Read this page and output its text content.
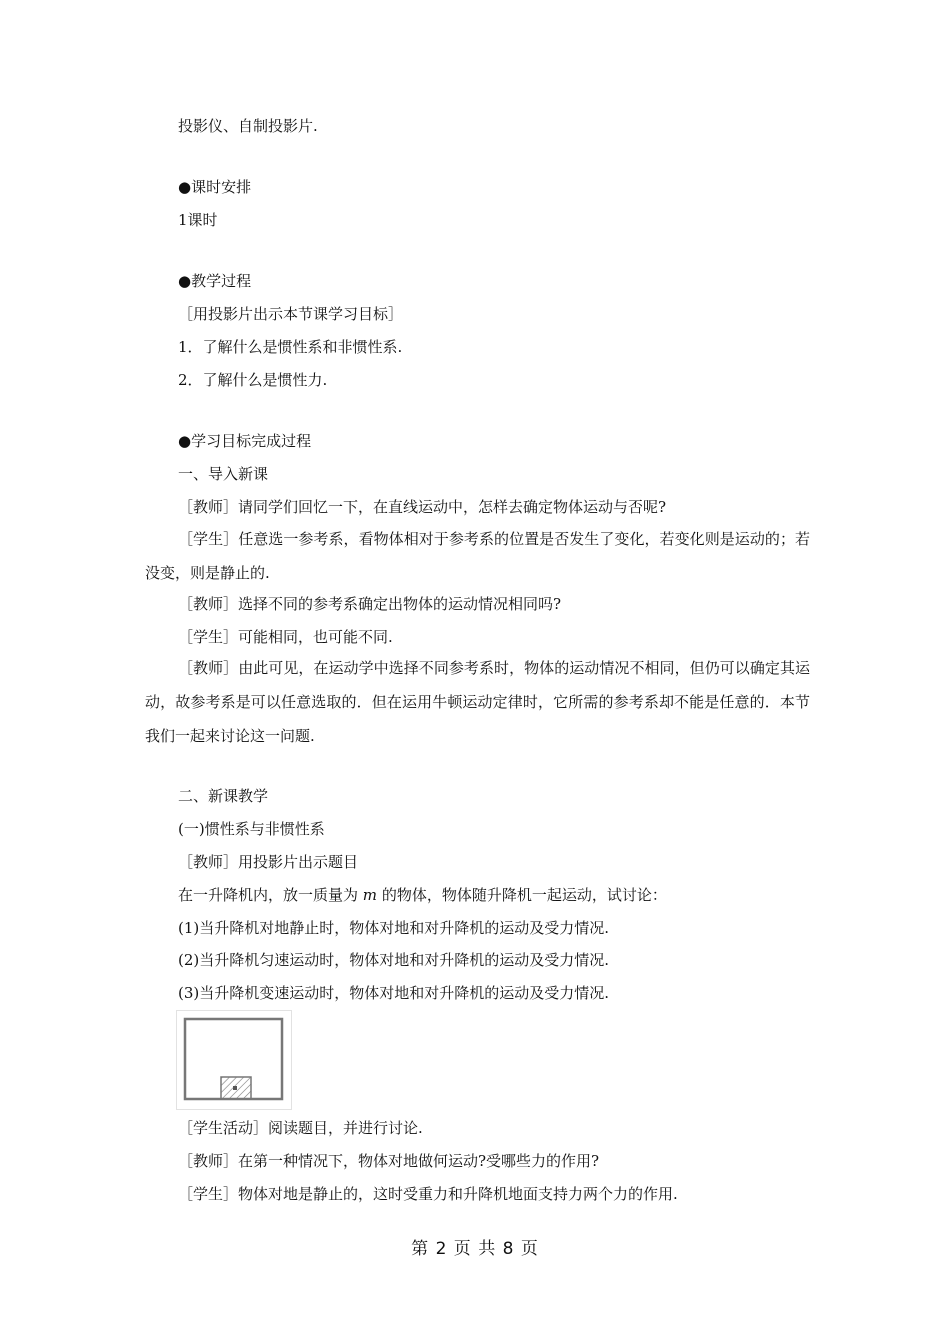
投影仪、自制投影片.
●课时安排
1课时
●教学过程
［用投影片出示本节课学习目标］
1．了解什么是惯性系和非惯性系.
2．了解什么是惯性力.
●学习目标完成过程
一、导入新课
［教师］请同学们回忆一下，在直线运动中，怎样去确定物体运动与否呢?
［学生］任意选一参考系，看物体相对于参考系的位置是否发生了变化，若变化则是运动的；若没变，则是静止的.
［教师］选择不同的参考系确定出物体的运动情况相同吗?
［学生］可能相同，也可能不同.
［教师］由此可见，在运动学中选择不同参考系时，物体的运动情况不相同，但仍可以确定其运动，故参考系是可以任意选取的．但在运用牛顿运动定律时，它所需的参考系却不能是任意的．本节我们一起来讨论这一问题.
二、新课教学
(一)惯性系与非惯性系
［教师］用投影片出示题目
在一升降机内，放一质量为 m 的物体，物体随升降机一起运动，试讨论：
(1)当升降机对地静止时，物体对地和对升降机的运动及受力情况.
(2)当升降机匀速运动时，物体对地和对升降机的运动及受力情况.
(3)当升降机变速运动时，物体对地和对升降机的运动及受力情况.
［学生活动］阅读题目，并进行讨论.
［教师］在第一种情况下，物体对地做何运动?受哪些力的作用?
［学生］物体对地是静止的，这时受重力和升降机地面支持力两个力的作用.
第 2 页 共 8 页
